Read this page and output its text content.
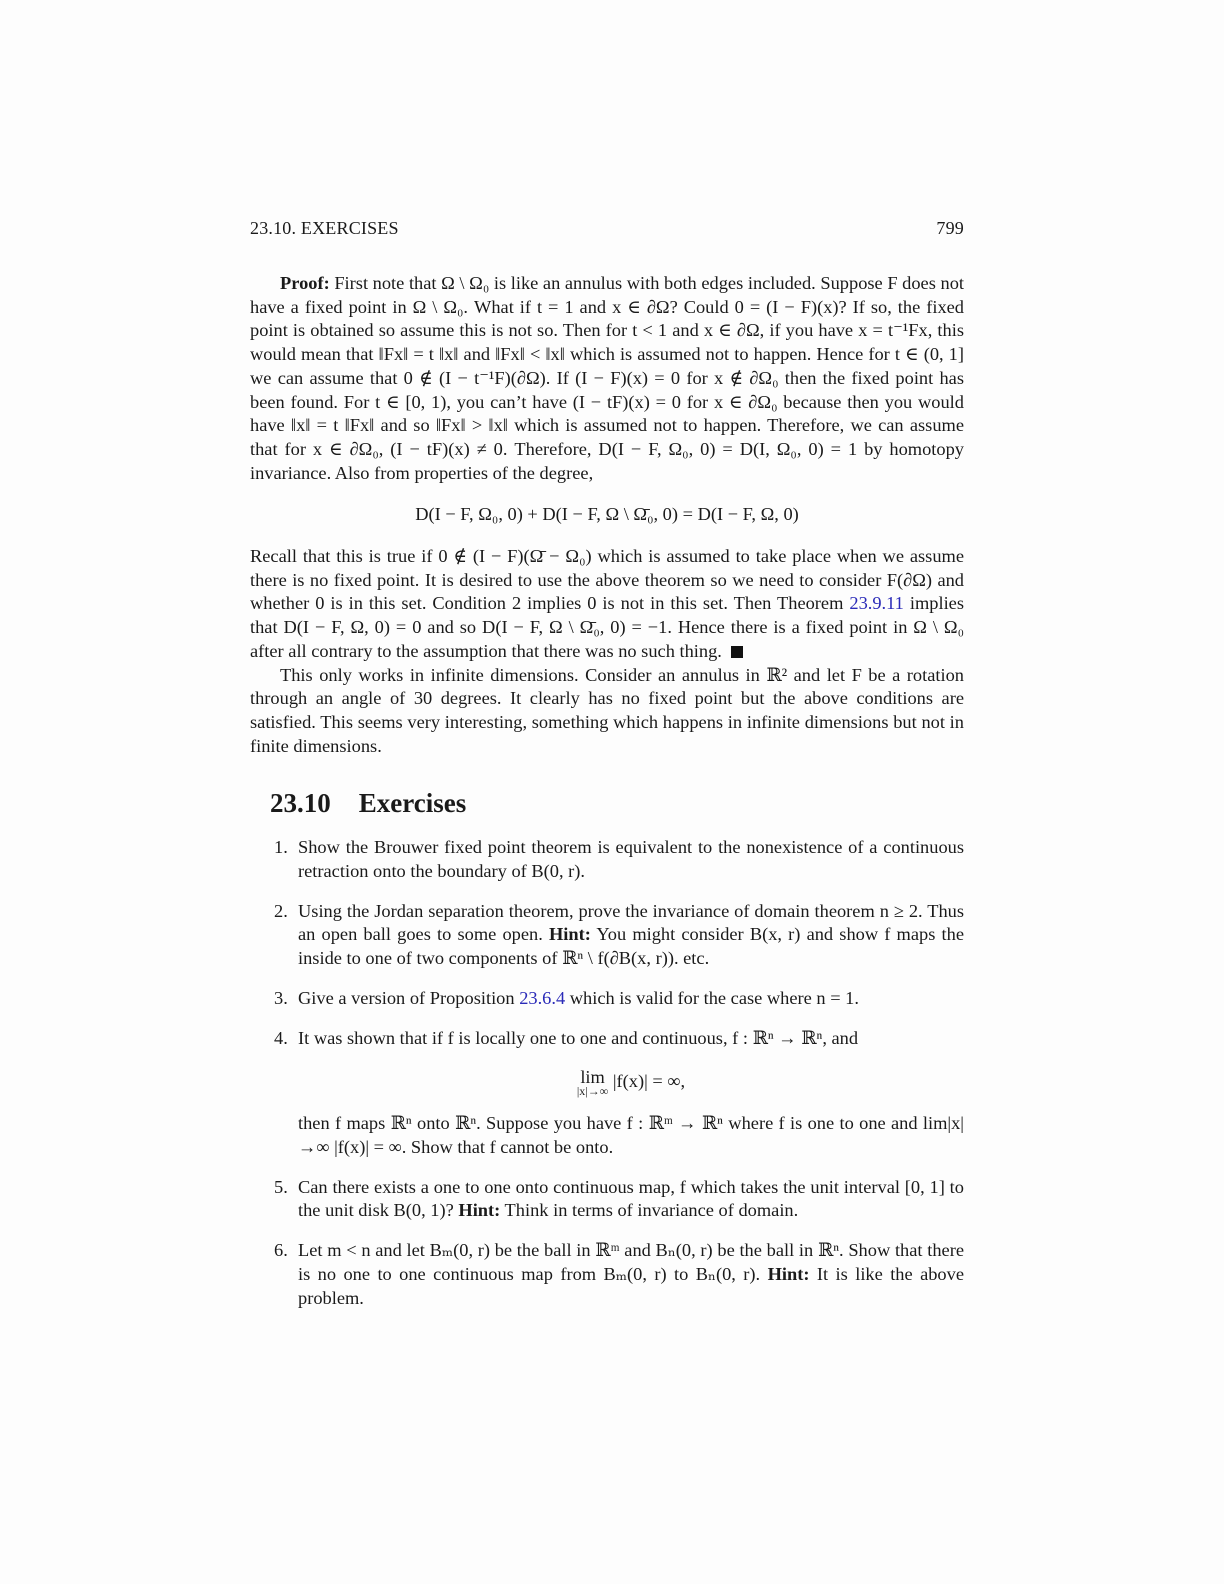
23.10. EXERCISES	799

Proof: First note that Ω \ Ω₀ is like an annulus with both edges included. Suppose F does not have a fixed point in Ω \ Ω₀. What if t = 1 and x ∈ ∂Ω? Could 0 = (I − F)(x)? If so, the fixed point is obtained so assume this is not so. Then for t < 1 and x ∈ ∂Ω, if you have x = t⁻¹Fx, this would mean that ‖Fx‖ = t ‖x‖ and ‖Fx‖ < ‖x‖ which is assumed not to happen. Hence for t ∈ (0, 1] we can assume that 0 ∉ (I − t⁻¹F)(∂Ω). If (I − F)(x) = 0 for x ∉ ∂Ω₀ then the fixed point has been found. For t ∈ [0, 1), you can’t have (I − tF)(x) = 0 for x ∈ ∂Ω₀ because then you would have ‖x‖ = t ‖Fx‖ and so ‖Fx‖ > ‖x‖ which is assumed not to happen. Therefore, we can assume that for x ∈ ∂Ω₀, (I − tF)(x) ≠ 0. Therefore, D(I − F, Ω₀, 0) = D(I, Ω₀, 0) = 1 by homotopy invariance. Also from properties of the degree,

D(I − F, Ω₀, 0) + D(I − F, Ω \ Ω̄₀, 0) = D(I − F, Ω, 0)

Recall that this is true if 0 ∉ (I − F)(Ω̄ − Ω₀) which is assumed to take place when we assume there is no fixed point. It is desired to use the above theorem so we need to consider F(∂Ω) and whether 0 is in this set. Condition 2 implies 0 is not in this set. Then Theorem 23.9.11 implies that D(I − F, Ω, 0) = 0 and so D(I − F, Ω \ Ω̄₀, 0) = −1. Hence there is a fixed point in Ω \ Ω₀ after all contrary to the assumption that there was no such thing.

This only works in infinite dimensions. Consider an annulus in ℝ² and let F be a rotation through an angle of 30 degrees. It clearly has no fixed point but the above conditions are satisfied. This seems very interesting, something which happens in infinite dimensions but not in finite dimensions.

23.10 Exercises
1. Show the Brouwer fixed point theorem is equivalent to the nonexistence of a continuous retraction onto the boundary of B(0, r).
2. Using the Jordan separation theorem, prove the invariance of domain theorem n ≥ 2. Thus an open ball goes to some open. Hint: You might consider B(x, r) and show f maps the inside to one of two components of ℝⁿ \ f(∂B(x, r)). etc.
3. Give a version of Proposition 23.6.4 which is valid for the case where n = 1.
4. It was shown that if f is locally one to one and continuous, f : ℝⁿ → ℝⁿ, and
lim
|x|→∞ |f(x)| = ∞,
then f maps ℝⁿ onto ℝⁿ. Suppose you have f : ℝᵐ → ℝⁿ where f is one to one and lim|x|→∞ |f(x)| = ∞. Show that f cannot be onto.
5. Can there exists a one to one onto continuous map, f which takes the unit interval [0, 1] to the unit disk B(0, 1)? Hint: Think in terms of invariance of domain.
6. Let m < n and let Bₘ(0, r) be the ball in ℝᵐ and Bₙ(0, r) be the ball in ℝⁿ. Show that there is no one to one continuous map from Bₘ(0, r) to Bₙ(0, r). Hint: It is like the above problem.
